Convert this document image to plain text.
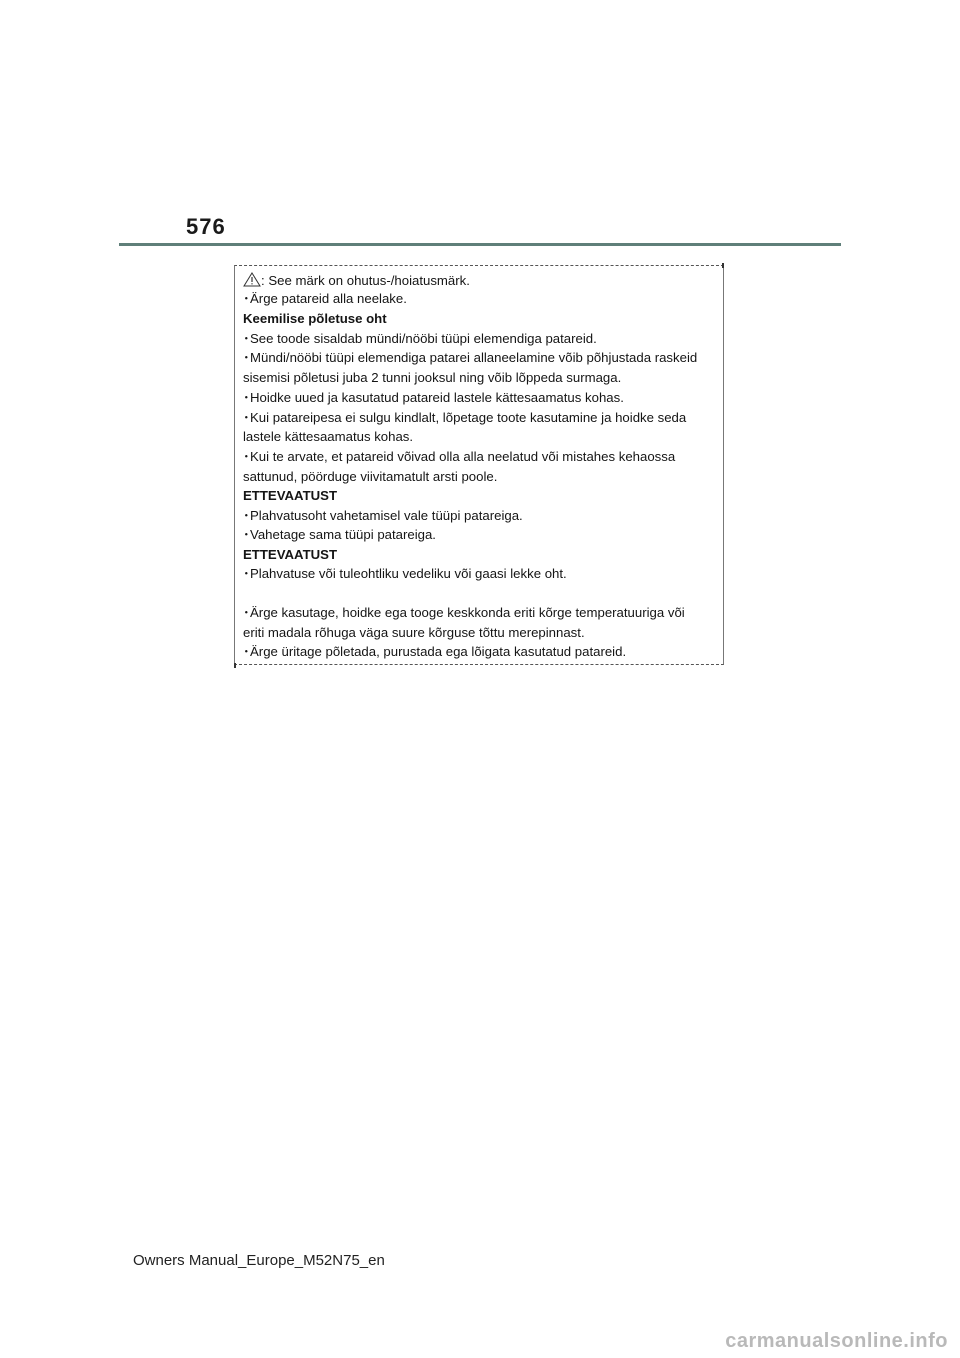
576
: See märk on ohutus-/hoiatusmärk.
･Ärge patareid alla neelake.
Keemilise põletuse oht
･See toode sisaldab mündi/nööbi tüüpi elemendiga patareid.
･Mündi/nööbi tüüpi elemendiga patarei allaneelamine võib põhjustada raskeid
sisemisi põletusi juba 2 tunni jooksul ning võib lõppeda surmaga.
･Hoidke uued ja kasutatud patareid lastele kättesaamatus kohas.
･Kui patareipesa ei sulgu kindlalt, lõpetage toote kasutamine ja hoidke seda
lastele kättesaamatus kohas.
･Kui te arvate, et patareid võivad olla alla neelatud või mistahes kehaossa
sattunud, pöörduge viivitamatult arsti poole.
ETTEVAATUST
･Plahvatusoht vahetamisel vale tüüpi patareiga.
･Vahetage sama tüüpi patareiga.
ETTEVAATUST
･Plahvatuse või tuleohtliku vedeliku või gaasi lekke oht.
･Ärge kasutage, hoidke ega tooge keskkonda eriti kõrge temperatuuriga või
eriti madala rõhuga väga suure kõrguse tõttu merepinnast.
･Ärge üritage põletada, purustada ega lõigata kasutatud patareid.
Owners Manual_Europe_M52N75_en
carmanualsonline.info
